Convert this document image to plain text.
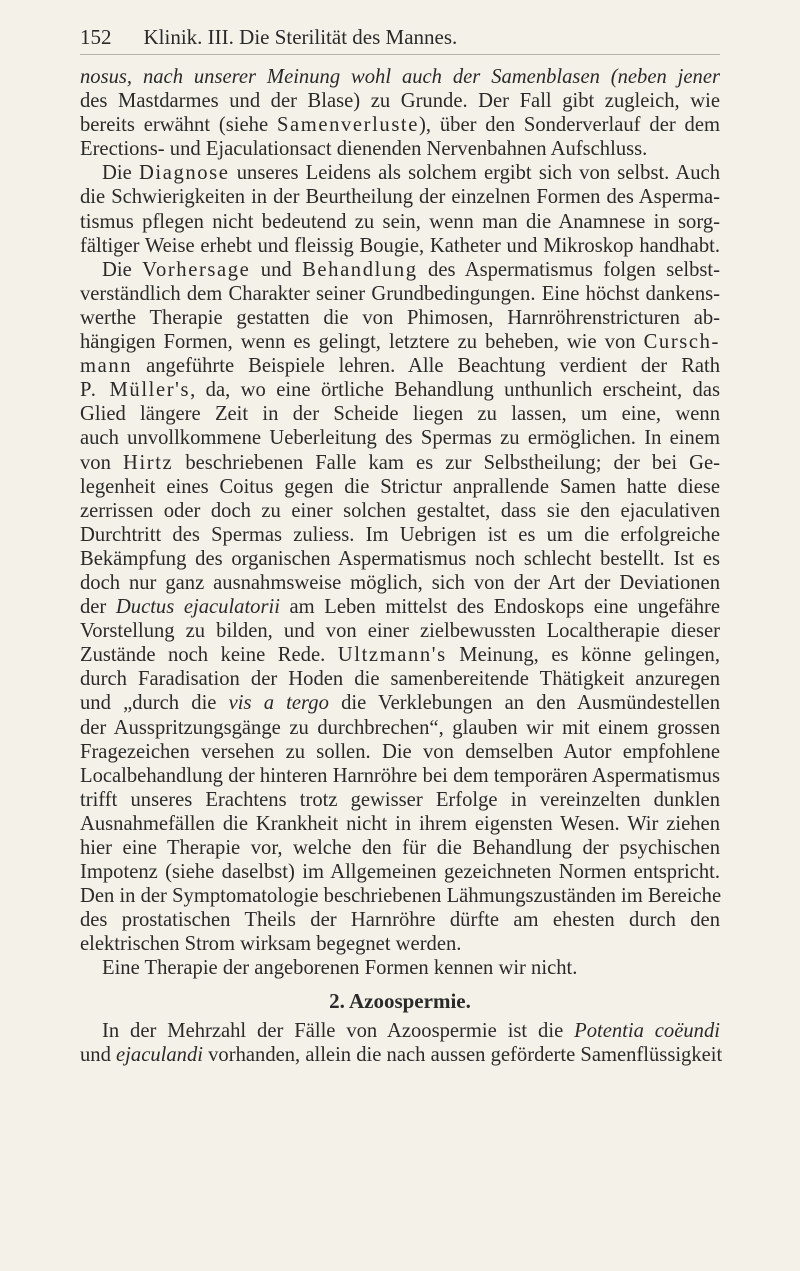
152 Klinik. III. Die Sterilität des Mannes.
nosus, nach unserer Meinung wohl auch der Samenblasen (neben jener
des Mastdarmes und der Blase) zu Grunde. Der Fall gibt zugleich, wie
bereits erwähnt (siehe Samenverluste), über den Sonderverlauf der dem
Erections- und Ejaculationsact dienenden Nervenbahnen Aufschluss.
Die Diagnose unseres Leidens als solchem ergibt sich von selbst. Auch
die Schwierigkeiten in der Beurtheilung der einzelnen Formen des Asperma-
tismus pflegen nicht bedeutend zu sein, wenn man die Anamnese in sorg-
fältiger Weise erhebt und fleissig Bougie, Katheter und Mikroskop handhabt.
Die Vorhersage und Behandlung des Aspermatismus folgen selbst-
verständlich dem Charakter seiner Grundbedingungen. Eine höchst dankens-
werthe Therapie gestatten die von Phimosen, Harnröhrenstricturen ab-
hängigen Formen, wenn es gelingt, letztere zu beheben, wie von Cursch-
mann angeführte Beispiele lehren. Alle Beachtung verdient der Rath
P. Müller's, da, wo eine örtliche Behandlung unthunlich erscheint, das
Glied längere Zeit in der Scheide liegen zu lassen, um eine, wenn
auch unvollkommene Ueberleitung des Spermas zu ermöglichen. In einem
von Hirtz beschriebenen Falle kam es zur Selbstheilung; der bei Ge-
legenheit eines Coitus gegen die Strictur anprallende Samen hatte diese
zerrissen oder doch zu einer solchen gestaltet, dass sie den ejaculativen
Durchtritt des Spermas zuliess. Im Uebrigen ist es um die erfolgreiche
Bekämpfung des organischen Aspermatismus noch schlecht bestellt. Ist es
doch nur ganz ausnahmsweise möglich, sich von der Art der Deviationen
der Ductus ejaculatorii am Leben mittelst des Endoskops eine ungefähre
Vorstellung zu bilden, und von einer zielbewussten Localtherapie dieser
Zustände noch keine Rede. Ultzmann's Meinung, es könne gelingen,
durch Faradisation der Hoden die samenbereitende Thätigkeit anzuregen
und „durch die vis a tergo die Verklebungen an den Ausmündestellen
der Ausspritzungsgänge zu durchbrechen“, glauben wir mit einem grossen
Fragezeichen versehen zu sollen. Die von demselben Autor empfohlene
Localbehandlung der hinteren Harnröhre bei dem temporären Aspermatismus
trifft unseres Erachtens trotz gewisser Erfolge in vereinzelten dunklen
Ausnahmefällen die Krankheit nicht in ihrem eigensten Wesen. Wir ziehen
hier eine Therapie vor, welche den für die Behandlung der psychischen
Impotenz (siehe daselbst) im Allgemeinen gezeichneten Normen entspricht.
Den in der Symptomatologie beschriebenen Lähmungszuständen im Bereiche
des prostatischen Theils der Harnröhre dürfte am ehesten durch den
elektrischen Strom wirksam begegnet werden.
Eine Therapie der angeborenen Formen kennen wir nicht.
2. Azoospermie.
In der Mehrzahl der Fälle von Azoospermie ist die Potentia coëundi
und ejaculandi vorhanden, allein die nach aussen geförderte Samenflüssigkeit
